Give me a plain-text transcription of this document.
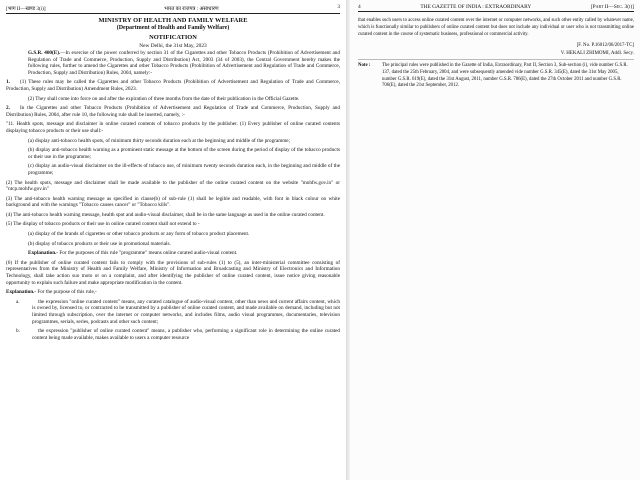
[भाग II—खण्ड 3(i)]	भारत का राजपत्र : असाधारण	3
MINISTRY OF HEALTH AND FAMILY WELFARE
(Department of Health and Family Welfare)
NOTIFICATION
New Delhi, the 31st May, 2023

G.S.R. 400(E).—In exercise of the power conferred by section 31 of the Cigarettes and other Tobacco Products (Prohibition of Advertisement and Regulation of Trade and Commerce, Production, Supply and Distribution) Act, 2003 (34 of 2003), the Central Government hereby makes the following rules, further to amend the Cigarettes and other Tobacco Products (Prohibition of Advertisement and Regulation of Trade and Commerce, Production, Supply and Distribution) Rules, 2004, namely:-

1. (1) These rules may be called the Cigarettes and other Tobacco Products (Prohibition of Advertisement and Regulation of Trade and Commerce, Production, Supply and Distribution) Amendment Rules, 2023.

(2) They shall come into force on and after the expiration of three months from the date of their publication in the Official Gazette.

2. In the Cigarettes and other Tobacco Products (Prohibition of Advertisement and Regulation of Trade and Commerce, Production, Supply and Distribution) Rules, 2004, after rule 10, the following rule shall be inserted, namely, :-

"11. Health spots, message and disclaimer in online curated contents of tobacco products by the publisher. (1) Every publisher of online curated contents displaying tobacco products or their use shall:-

(a) display anti-tobacco health spots, of minimum thirty seconds duration each at the beginning and middle of the programme;

(b) display anti-tobacco health warning as a prominent static message at the bottom of the screen during the period of display of the tobacco products or their use in the programme;

(c) display an audio-visual disclaimer on the ill-effects of tobacco use, of minimum twenty seconds duration each, in the beginning and middle of the programme;

(2) The health spots, message and disclaimer shall be made available to the publisher of the online curated content on the website "mohfw.gov.in" or "ntcp.mohfw.gov.in"

(3) The anti-tobacco health warning message as specified in clause(b) of sub-rule (1) shall be legible and readable, with font in black colour on white background and with the warnings "Tobacco causes cancer" or "Tobacco kills".

(4) The anti-tobacco health warning message, health spot and audio-visual disclaimer, shall be in the same language as used in the online curated content.

(5) The display of tobacco products or their use in online curated content shall not extend to -

(a) display of the brands of cigarettes or other tobacco products or any form of tobacco product placement.

(b) display of tobacco products or their use in promotional materials.

Explanation.- For the purposes of this rule "programme" means online curated audio-visual content.

(6) If the publisher of online curated content fails to comply with the provisions of sub-rules (1) to (5), an inter-ministerial committee consisting of representatives from the Ministry of Health and Family Welfare, Ministry of Information and Broadcasting and Ministry of Electronics and Information Technology, shall take action suo moto or on a complaint, and after identifying the publisher of online curated content, issue notice giving reasonable opportunity to explain such failure and make appropriate modification in the content.

Explanation.- For the purpose of this rule,-

a.	the expression "online curated content" means, any curated catalogue of audio-visual content, other than news and current affairs content, which is owned by, licensed to, or contracted to be transmitted by a publisher of online curated content, and made available on demand, including but not limited through subscription, over the internet or computer networks, and includes films, audio visual programmes, documentaries, television programmes, serials, series, podcasts and other such content;

b.	the expression "publisher of online curated content" means, a publisher who, performing a significant role in determining the online curated content being made available, makes available to users a computer resource

4	THE GAZETTE OF INDIA : EXTRAORDINARY	[Part II—Sec. 3(i)]
that enables such users to access online curated content over the internet or computer networks, and such other entity called by whatever name, which is functionally similar to publishers of online curated content but does not include any individual or user who is not transmitting online curated content in the course of systematic business, professional or commercial activity.
[F. No. P.16012/06/2017-TC]
V. HEKALI ZHIMOMI, Addl. Secy.
Note :	The principal rules were published in the Gazette of India, Extraordinary, Part II, Section 3, Sub-section (i), vide number G.S.R. 137, dated the 25th February, 2004, and were subsequently amended vide number G.S.R. 345(E), dated the 31st May 2005, number G.S.R. 619(E), dated the 31st August, 2011, number G.S.R. 786(E), dated the 27th October 2011 and number G.S.R. 706(E), dated the 21st September, 2012.
